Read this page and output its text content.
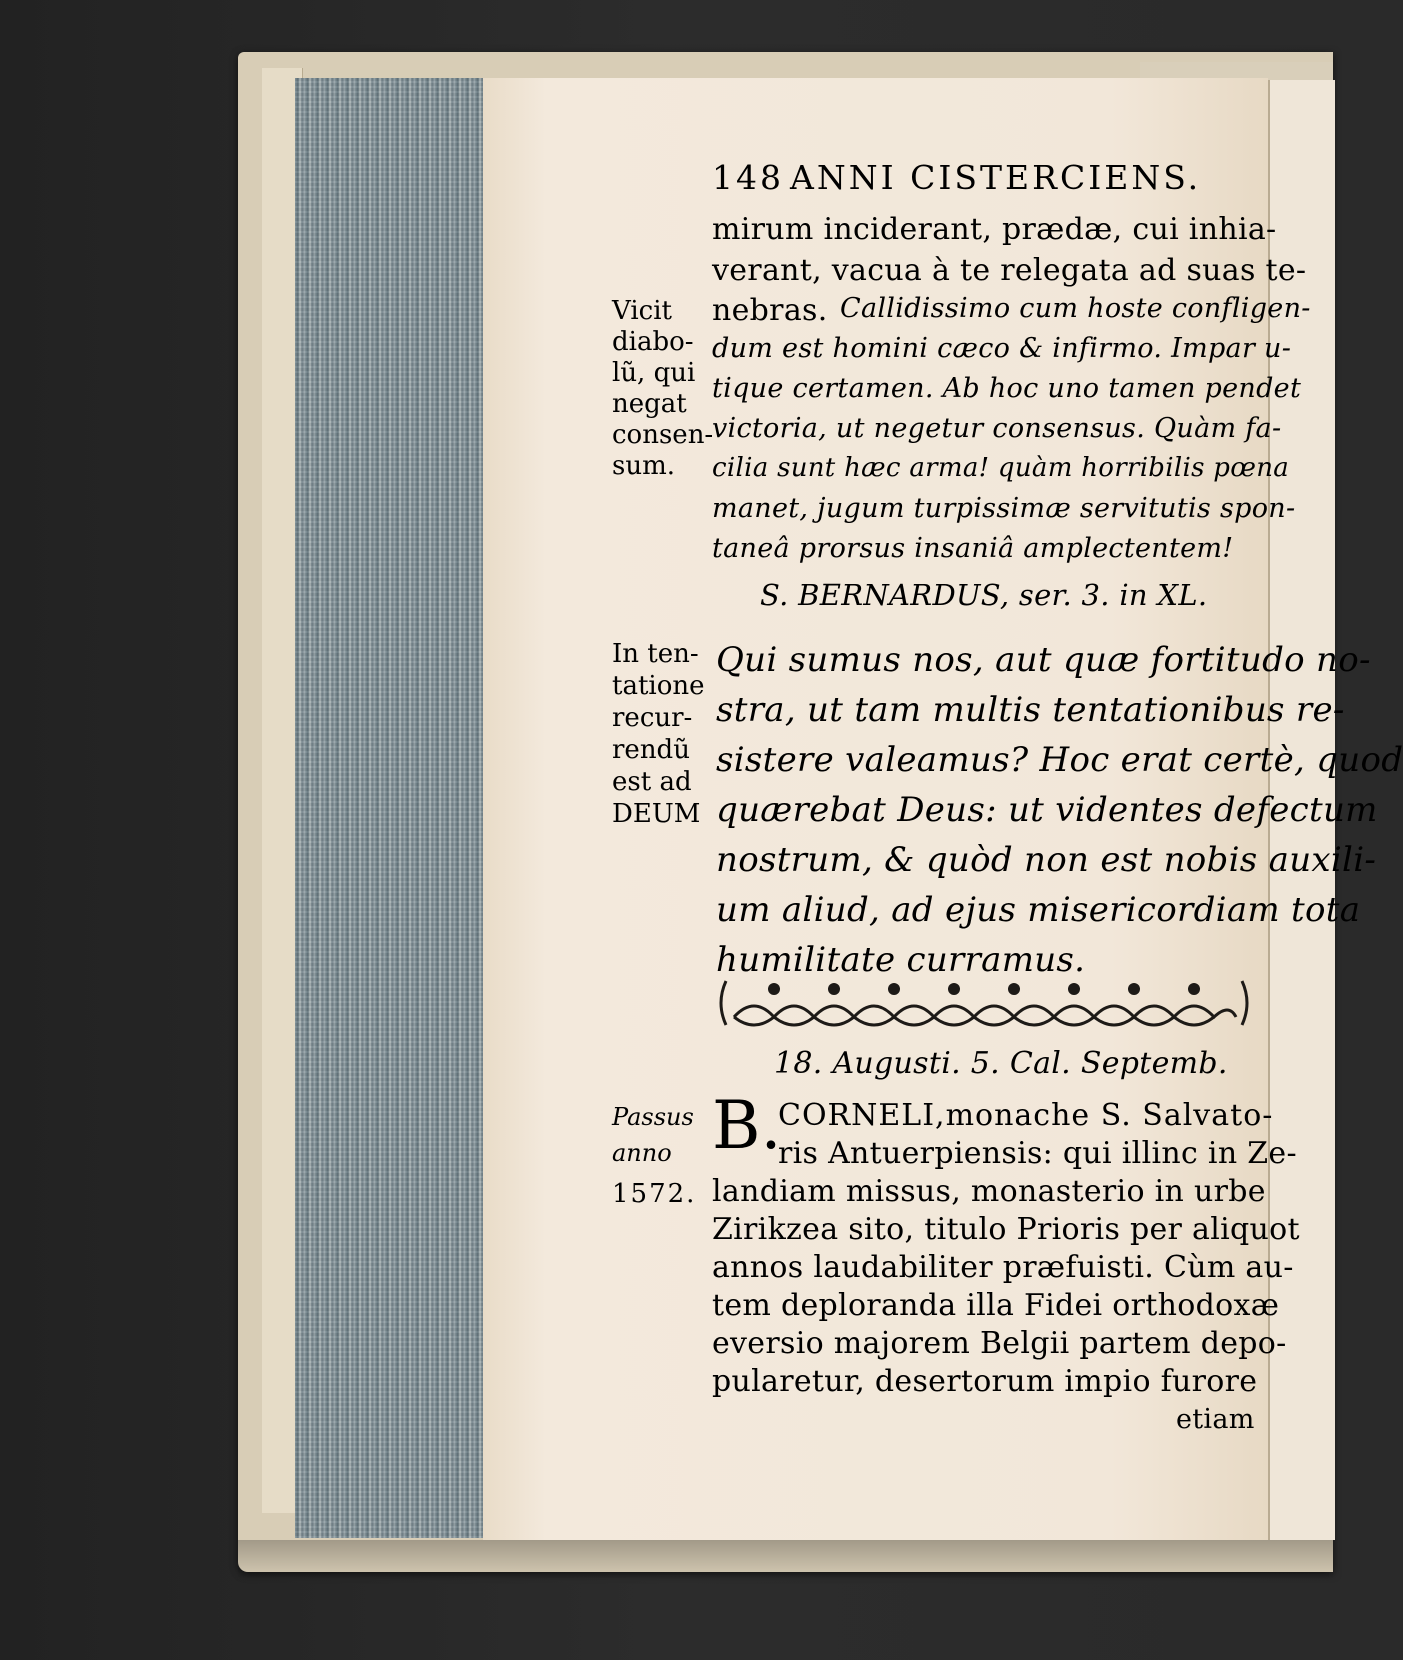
148 ANNI CISTERCIENS.
mirum inciderant, prædæ, cui inhia-
verant, vacua à te relegata ad suas te-
nebras. Callidissimo cum hoste confligen-
dum est homini cæco & infirmo. Impar u-
tique certamen. Ab hoc uno tamen pendet
victoria, ut negetur consensus. Quàm fa-
cilia sunt hæc arma! quàm horribilis pœna
manet, jugum turpissimæ servitutis spon-
taneâ prorsus insaniâ amplectentem!
Vicit
diabo-
lũ, qui
negat
consen-
sum.
S. BERNARDUS, ser. 3. in XL.
Qui sumus nos, aut quæ fortitudo no-
stra, ut tam multis tentationibus re-
sistere valeamus? Hoc erat certè, quod
quærebat Deus: ut videntes defectum
nostrum, & quòd non est nobis auxili-
um aliud, ad ejus misericordiam tota
humilitate curramus.
In ten-
tatione
recur-
rendũ
est ad
DEUM
18. Augusti. 5. Cal. Septemb.
B.
CORNELI,monache S. Salvato-
ris Antuerpiensis: qui illinc in Ze-
landiam missus, monasterio in urbe
Zirikzea sito, titulo Prioris per aliquot
annos laudabiliter præfuisti. Cùm au-
tem deploranda illa Fidei orthodoxæ
eversio majorem Belgii partem depo-
pularetur, desertorum impio furore
etiam
Passus
anno
1572.
